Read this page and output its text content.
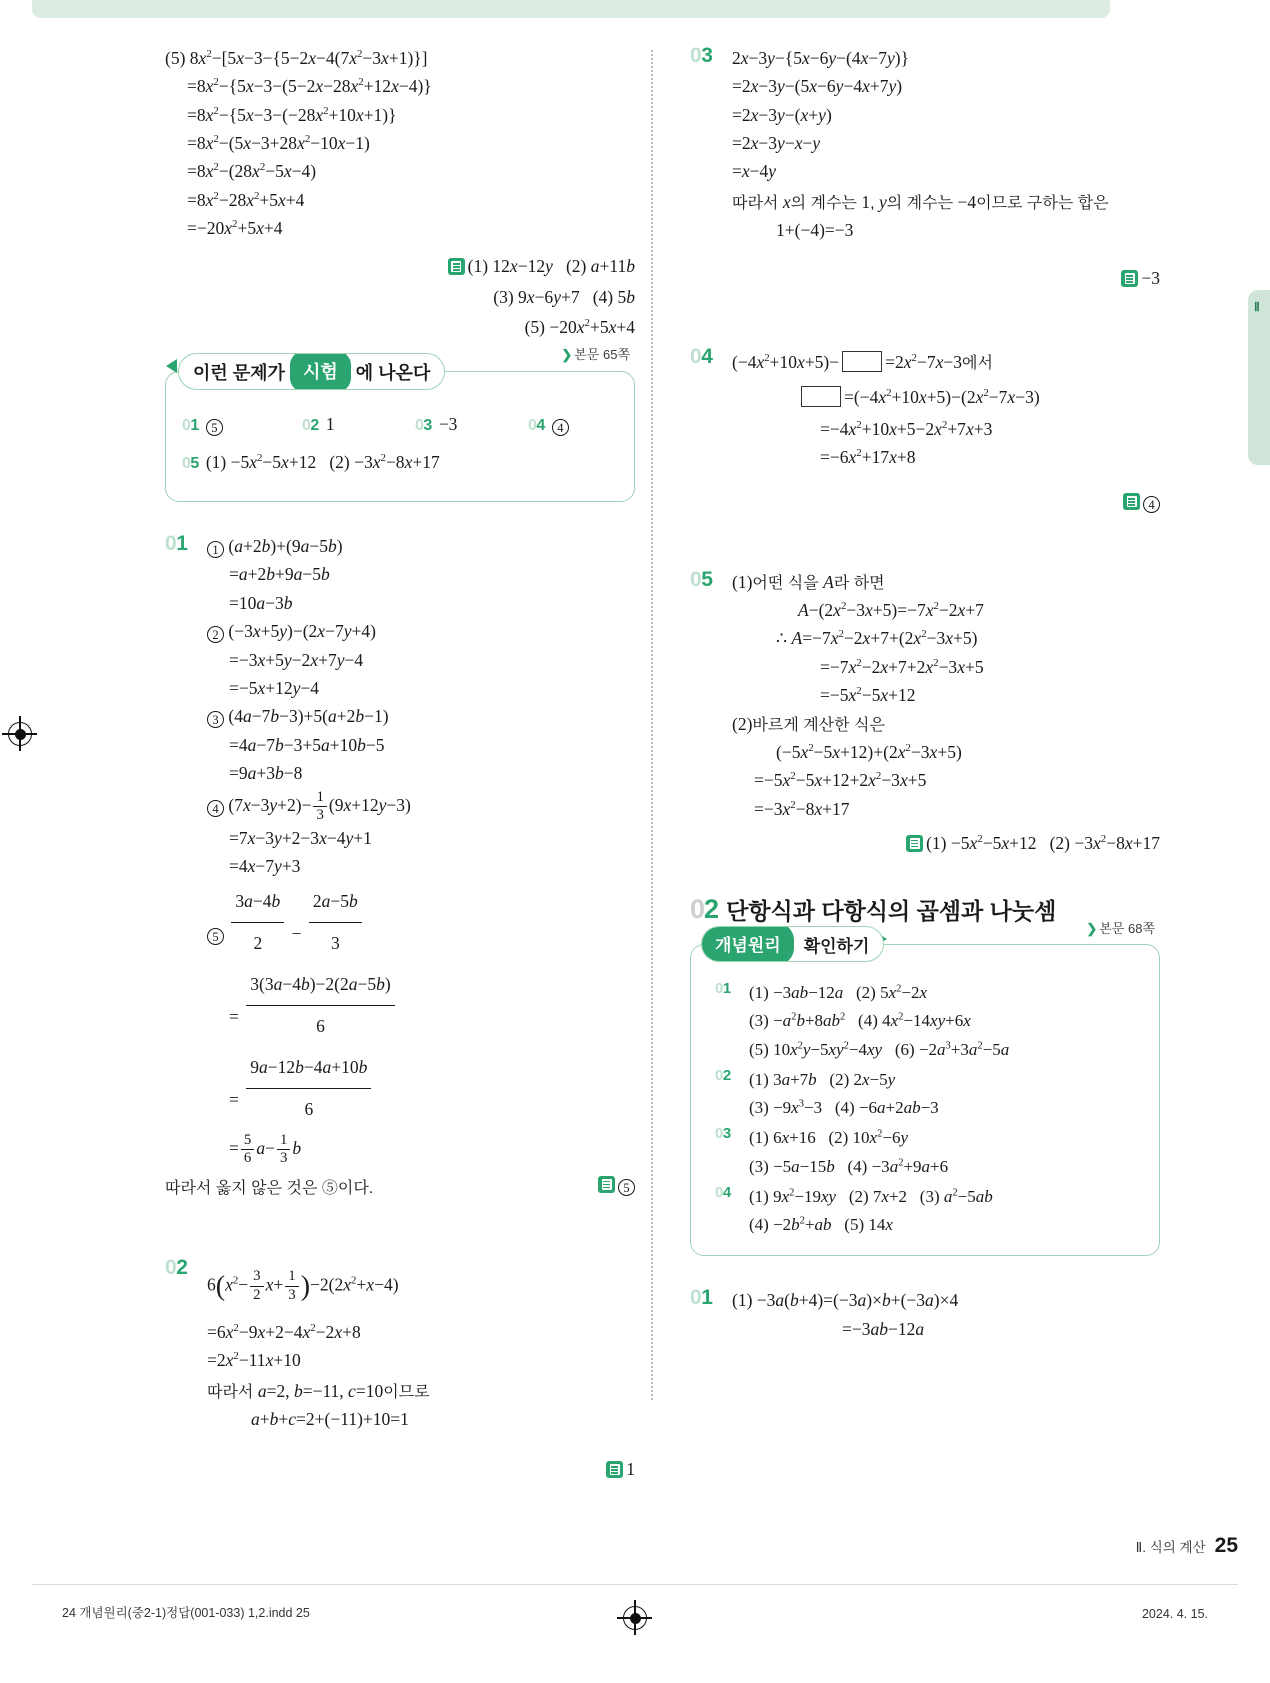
Ⅱ
(5) $8x^2-[5x-3-\{5-2x-4(7x^2-3x+1)\}]$
$=8x^2-\{5x-3-(5-2x-28x^2+12x-4)\}$
$=8x^2-\{5x-3-(-28x^2+10x+1)\}$
$=8x^2-(5x-3+28x^2-10x-1)$
$=8x^2-(28x^2-5x-4)$
$=8x^2-28x^2+5x+4$
$=-20x^2+5x+4$
(1) 12x−12y   (2) a+11b
(3) 9x−6y+7   (4) 5b
$(5) -20x^2+5x+4$
이런 문제가	시험	에 나온다
❯ 본문 65쪽
01 5	02 1	03 −3	04 4
05 $(1) -5x^2-5x+12$   $(2) -3x^2-8x+17$
01	1 (a+2b)+(9a−5b)
=a+2b+9a−5b
=10a−3b
2 (−3x+5y)−(2x−7y+4)
=−3x+5y−2x+7y−4
=−5x+12y−4
3 (4a−7b−3)+5(a+2b−1)
=4a−7b−3+5a+10b−5
=9a+3b−8
4 $(7x-3y+2)- \frac{1}{3} (9x+12y-3)$
=7x−3y+2−3x−4y+1
=4x−7y+3
$5 \frac{3a-4b}{2} - \frac{2a-5b}{3}$
= $\frac{3(3a-4b)-2(2a-5b)}{6}$
= $\frac{9a-12b-4a+10b}{6}$
= $\frac{5}{6} a- \frac{1}{3}$ b
따라서 옳지 않은 것은 ⑤이다.	5
02
$6(x^2- \frac{3}{2} x+ \frac{1}{3} )-2(2x^2+x-4)$
$=6x^2-9x+2-4x^2-2x+8$
$=2x^2-11x+10$
따라서 a=2, b=−11, c=10이므로
a+b+c=2+(−11)+10=1
1
03 2x−3y−{5x−6y−(4x−7y)}
=2x−3y−(5x−6y−4x+7y)
=2x−3y−(x+y)
=2x−3y−x−y
=x−4y
따라서 x의 계수는 1, y의 계수는 −4이므로 구하는 합은
1+(−4)=−3
−3
04 $(-4x^2+10x+5)-$	$=2x^2-7x-3$에서
$=(-4x^2+10x+5)-(2x^2-7x-3)$
$=-4x^2+10x+5-2x^2+7x+3$
$=-6x^2+17x+8$
4
05 (1)어떤 식을 A라 하면
$A-(2x^2-3x+5)=-7x^2-2x+7$
∴ $A=-7x^2-2x+7+(2x^2-3x+5)$
$=-7x^2-2x+7+2x^2-3x+5$
$=-5x^2-5x+12$
(2)바르게 계산한 식은
$(-5x^2-5x+12)+(2x^2-3x+5)$
$=-5x^2-5x+12+2x^2-3x+5$
$=-3x^2-8x+17$
$(1) -5x^2-5x+12$   $(2) -3x^2-8x+17$
02 단항식과 다항식의 곱셈과 나눗셈
개념원리	확인하기
❯ 본문 68쪽
01 (1) −3ab−12a   (2) $5x^2-2x$
$(3) -a^2b+8ab^2$   (4) $4x^2-14xy+6x$
(5) $10x^2y-5xy^2-4xy$   $(6) -2a^3+3a^2-5a$
02 (1) 3a+7b   (2) 2x−5y
$(3) -9x^3-3$   (4) −6a+2ab−3
03 (1) 6x+16   (2) $10x^2-6y$
(3) −5a−15b   $(4) -3a^2+9a+6$
04 (1) $9x^2-19xy$   (2) 7x+2   (3) $a^2-5ab$
$(4) -2b^2+ab$   (5) 14x
01 (1) −3a(b+4)=(−3a)×b+(−3a)×4
=−3ab−12a
Ⅱ. 식의 계산 25
24 개념원리(중2-1)정답(001-033) 1,2.indd 25	2024. 4. 15.
